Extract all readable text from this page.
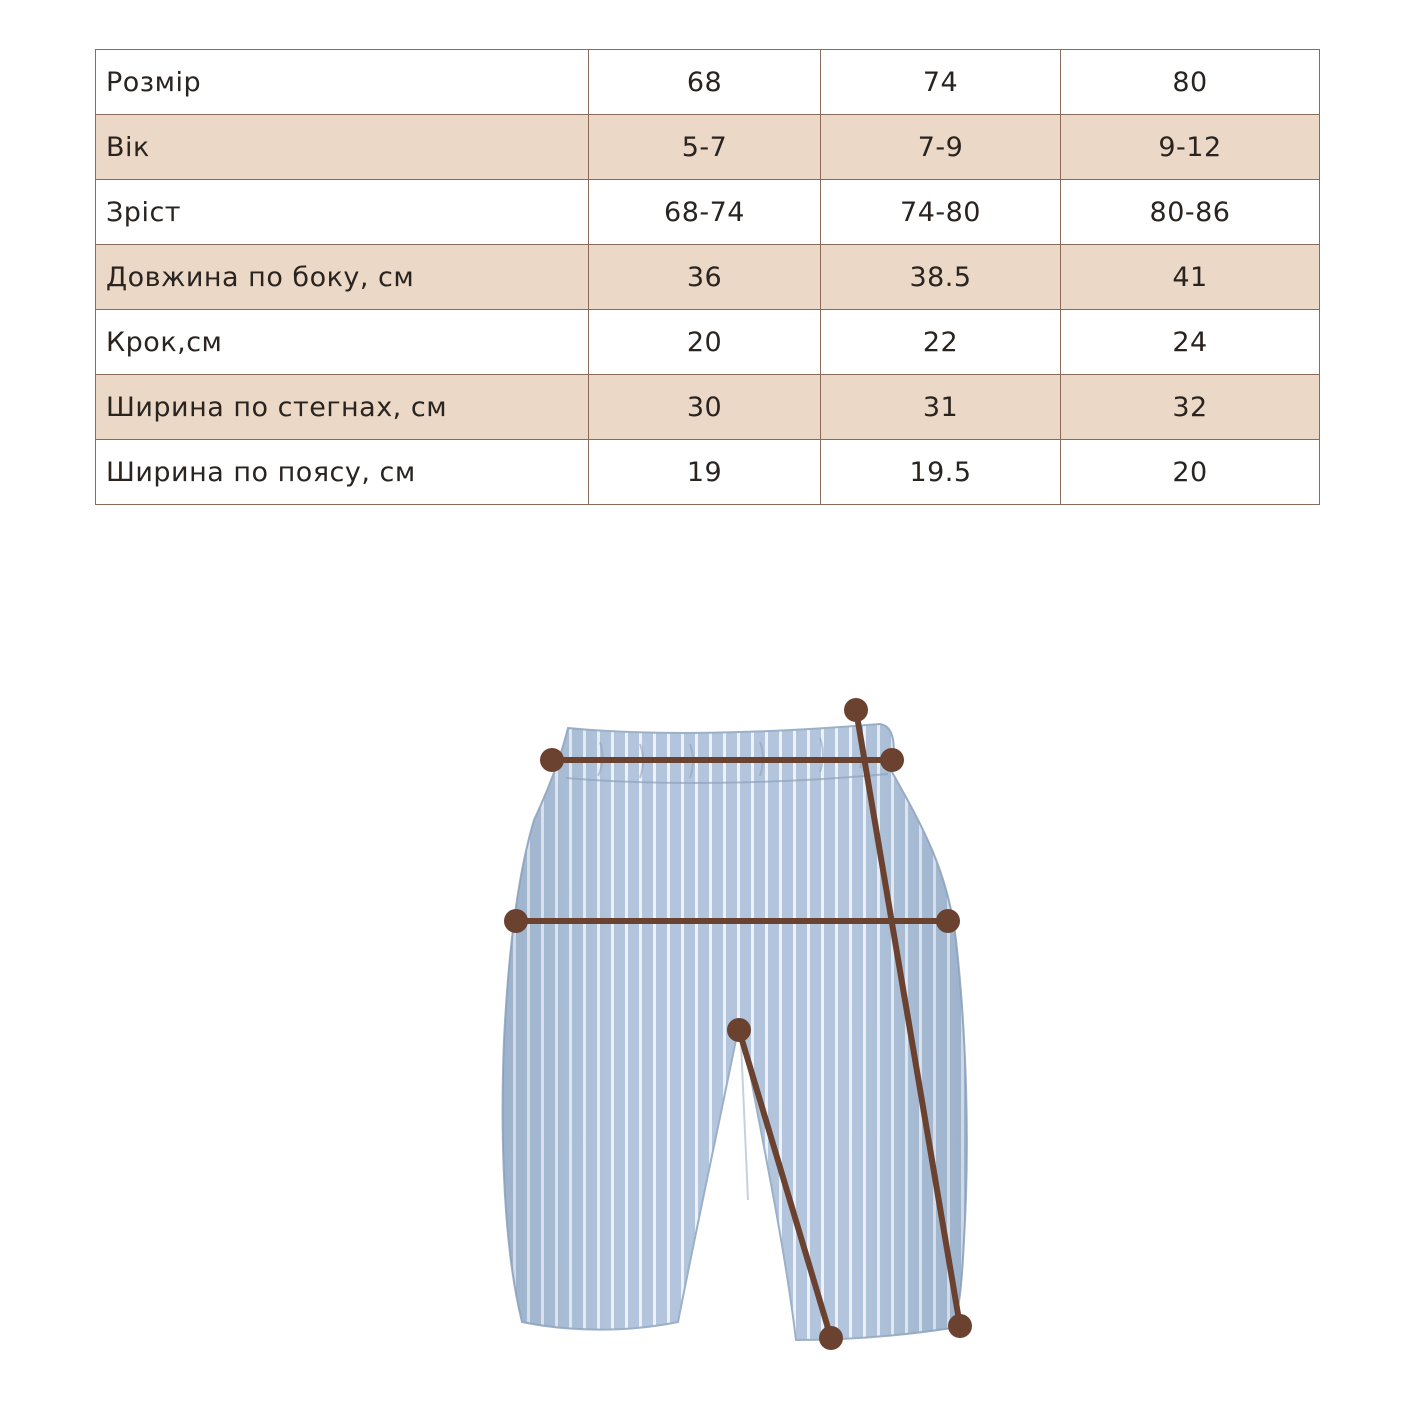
Розмір	68	74	80
Вік	5-7	7-9	9-12
Зріст	68-74	74-80	80-86
Довжина по боку, см	36	38.5	41
Крок,см	20	22	24
Ширина по стегнах, см	30	31	32
Ширина по поясу, см	19	19.5	20
